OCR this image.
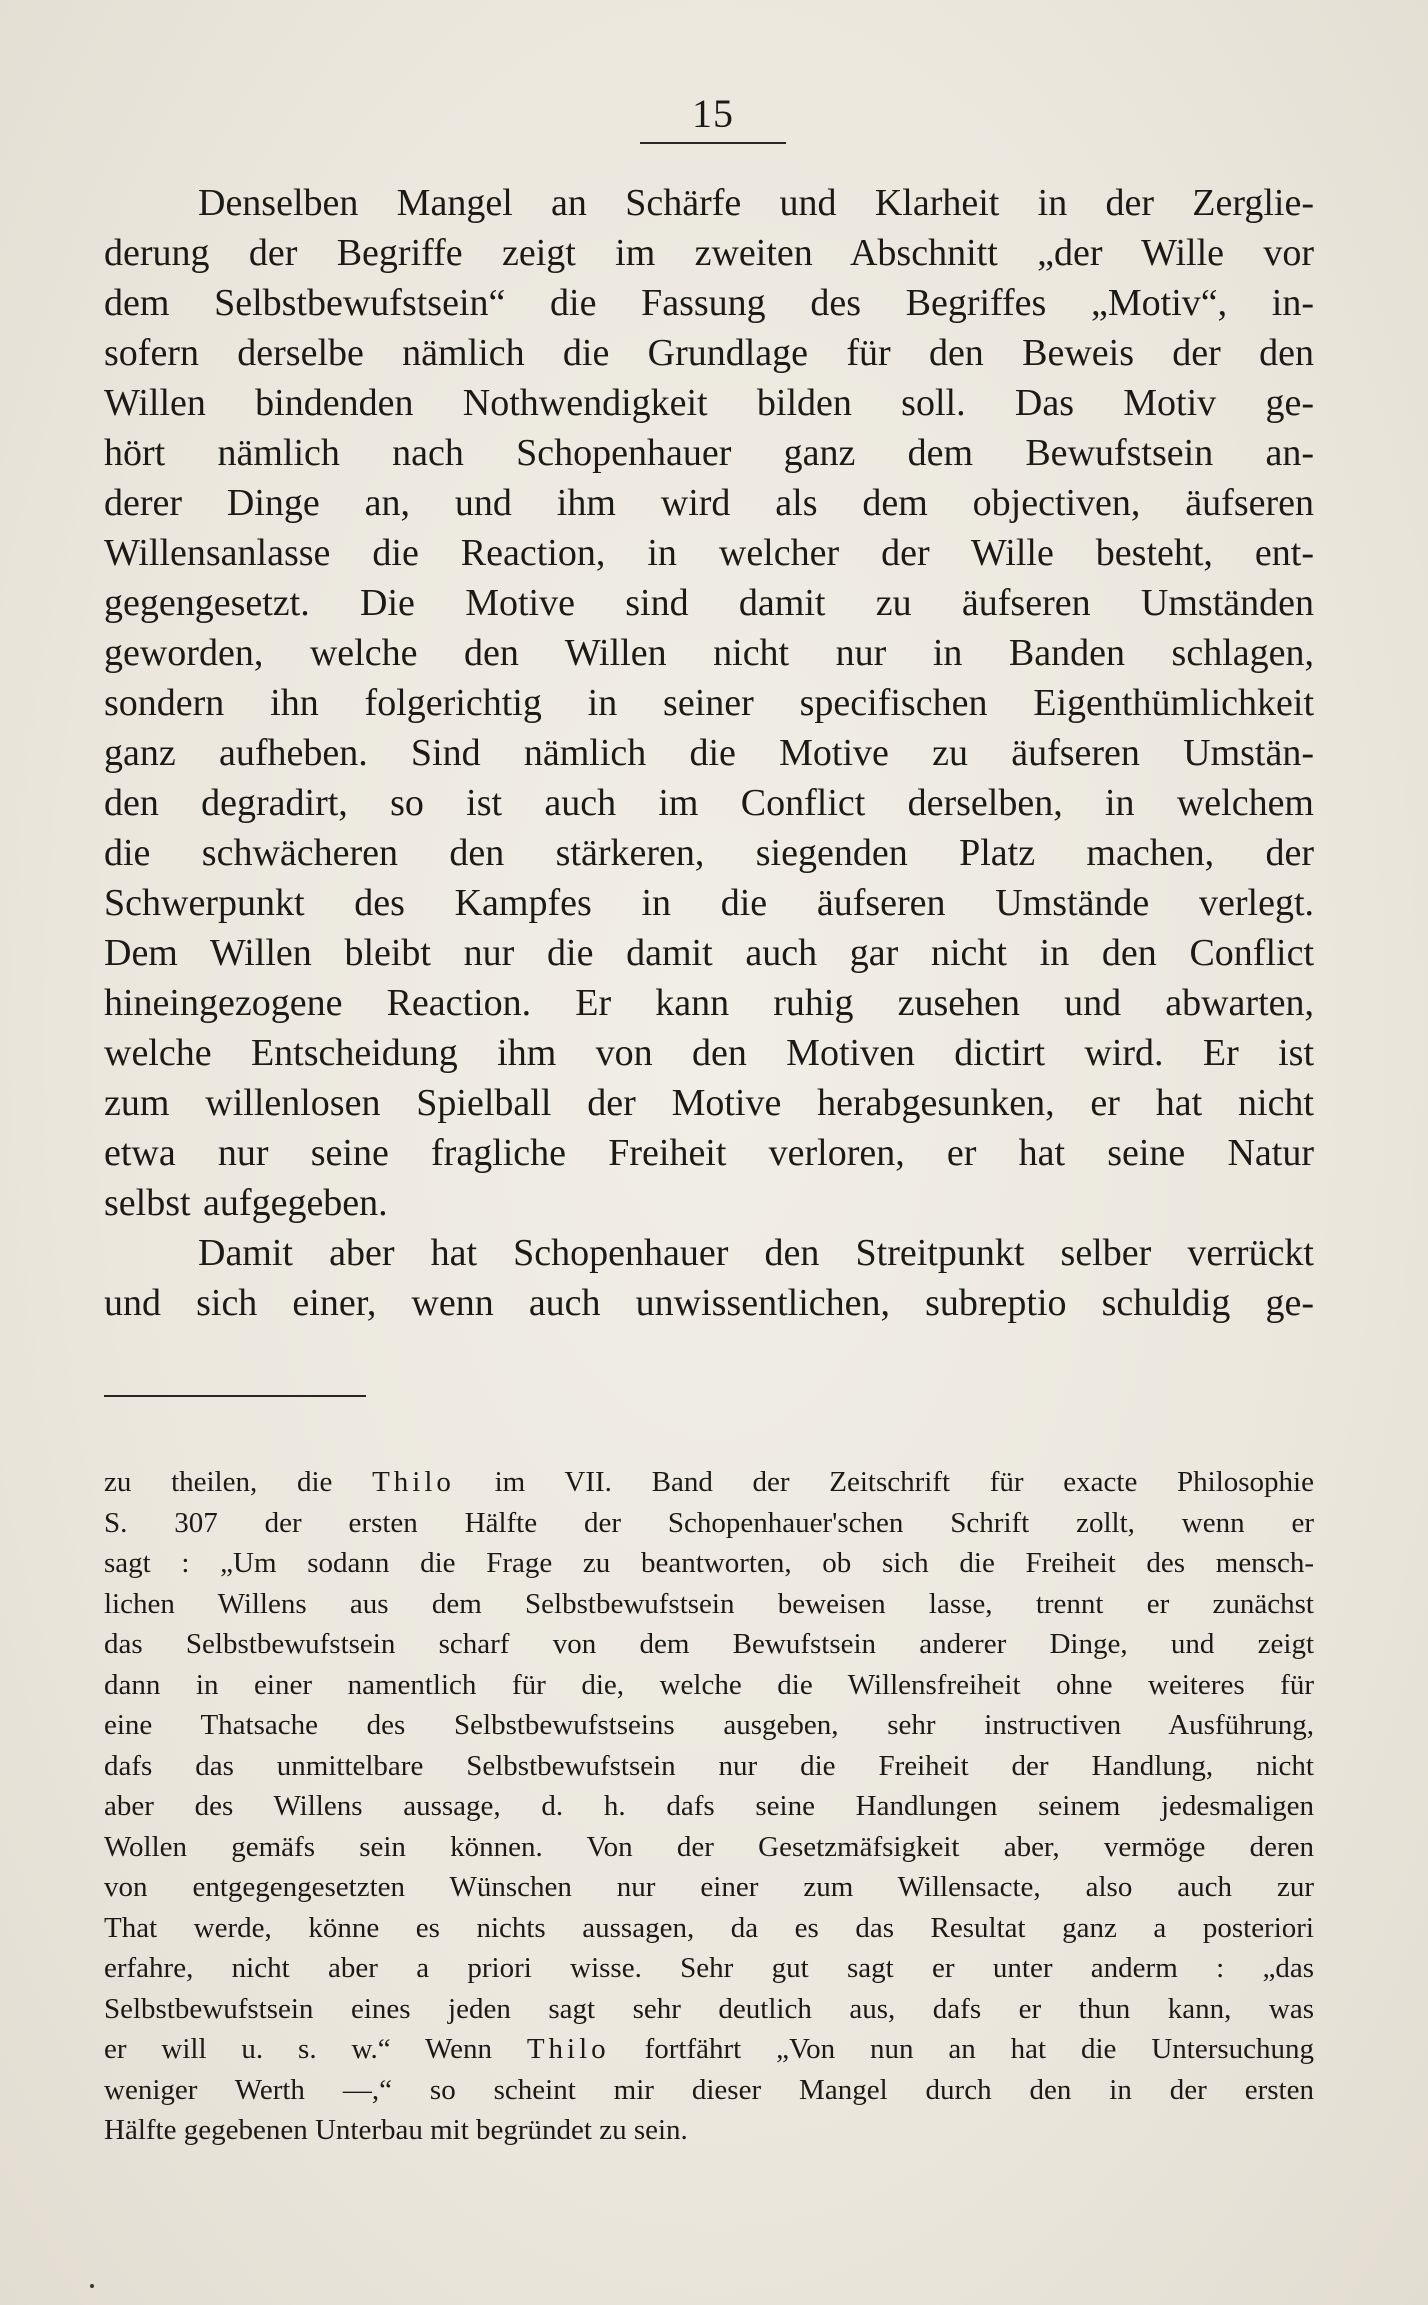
15
Denselben Mangel an Schärfe und Klarheit in der Zerglie-
derung der Begriffe zeigt im zweiten Abschnitt „der Wille vor
dem Selbstbewufstsein“ die Fassung des Begriffes „Motiv“, in-
sofern derselbe nämlich die Grundlage für den Beweis der den
Willen bindenden Nothwendigkeit bilden soll. Das Motiv ge-
hört nämlich nach Schopenhauer ganz dem Bewufstsein an-
derer Dinge an, und ihm wird als dem objectiven, äufseren
Willensanlasse die Reaction, in welcher der Wille besteht, ent-
gegengesetzt. Die Motive sind damit zu äufseren Umständen
geworden, welche den Willen nicht nur in Banden schlagen,
sondern ihn folgerichtig in seiner specifischen Eigenthümlichkeit
ganz aufheben. Sind nämlich die Motive zu äufseren Umstän-
den degradirt, so ist auch im Conflict derselben, in welchem
die schwächeren den stärkeren, siegenden Platz machen, der
Schwerpunkt des Kampfes in die äufseren Umstände verlegt.
Dem Willen bleibt nur die damit auch gar nicht in den Conflict
hineingezogene Reaction. Er kann ruhig zusehen und abwarten,
welche Entscheidung ihm von den Motiven dictirt wird. Er ist
zum willenlosen Spielball der Motive herabgesunken, er hat nicht
etwa nur seine fragliche Freiheit verloren, er hat seine Natur
selbst aufgegeben.
Damit aber hat Schopenhauer den Streitpunkt selber verrückt
und sich einer, wenn auch unwissentlichen, subreptio schuldig ge-
zu theilen, die Thilo im VII. Band der Zeitschrift für exacte Philosophie
S. 307 der ersten Hälfte der Schopenhauer'schen Schrift zollt, wenn er
sagt : „Um sodann die Frage zu beantworten, ob sich die Freiheit des mensch-
lichen Willens aus dem Selbstbewufstsein beweisen lasse, trennt er zunächst
das Selbstbewufstsein scharf von dem Bewufstsein anderer Dinge, und zeigt
dann in einer namentlich für die, welche die Willensfreiheit ohne weiteres für
eine Thatsache des Selbstbewufstseins ausgeben, sehr instructiven Ausführung,
dafs das unmittelbare Selbstbewufstsein nur die Freiheit der Handlung, nicht
aber des Willens aussage, d. h. dafs seine Handlungen seinem jedesmaligen
Wollen gemäfs sein können. Von der Gesetzmäfsigkeit aber, vermöge deren
von entgegengesetzten Wünschen nur einer zum Willensacte, also auch zur
That werde, könne es nichts aussagen, da es das Resultat ganz a posteriori
erfahre, nicht aber a priori wisse. Sehr gut sagt er unter anderm : „das
Selbstbewufstsein eines jeden sagt sehr deutlich aus, dafs er thun kann, was
er will u. s. w.“ Wenn Thilo fortfährt „Von nun an hat die Untersuchung
weniger Werth —,“ so scheint mir dieser Mangel durch den in der ersten
Hälfte gegebenen Unterbau mit begründet zu sein.
